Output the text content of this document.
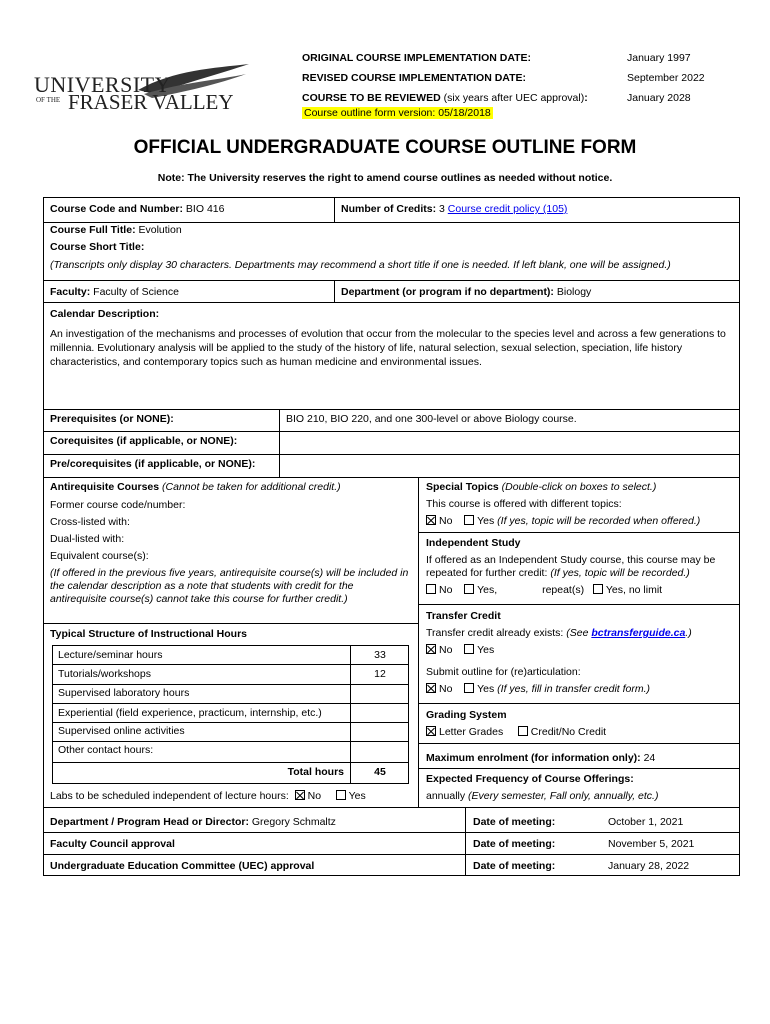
UNIVERSITY
OF THE FRASER VALLEY
ORIGINAL COURSE IMPLEMENTATION DATE:	January 1997
REVISED COURSE IMPLEMENTATION DATE:	September 2022
COURSE TO BE REVIEWED (six years after UEC approval):	January 2028
Course outline form version: 05/18/2018
OFFICIAL UNDERGRADUATE COURSE OUTLINE FORM
Note: The University reserves the right to amend course outlines as needed without notice.
Course Code and Number: BIO 416	Number of Credits: 3 Course credit policy (105)
Course Full Title: Evolution
Course Short Title:
(Transcripts only display 30 characters. Departments may recommend a short title if one is needed. If left blank, one will be assigned.)
Faculty: Faculty of Science	Department (or program if no department): Biology
Calendar Description:
An investigation of the mechanisms and processes of evolution that occur from the molecular to the species level and across a few generations to millennia. Evolutionary analysis will be applied to the study of the history of life, natural selection, sexual selection, speciation, life history characteristics, and contemporary topics such as human medicine and environmental issues.
Prerequisites (or NONE):	BIO 210, BIO 220, and one 300-level or above Biology course.
Corequisites (if applicable, or NONE):
Pre/corequisites (if applicable, or NONE):
Antirequisite Courses (Cannot be taken for additional credit.)
Former course code/number:
Cross-listed with:
Dual-listed with:
Equivalent course(s):
(If offered in the previous five years, antirequisite course(s) will be included in the calendar description as a note that students with credit for the antirequisite course(s) cannot take this course for further credit.)
Typical Structure of Instructional Hours
Lecture/seminar hours	33
Tutorials/workshops	12
Supervised laboratory hours
Experiential (field experience, practicum, internship, etc.)
Supervised online activities
Other contact hours:
Total hours	45
Labs to be scheduled independent of lecture hours: No	Yes
Special Topics (Double-click on boxes to select.)
This course is offered with different topics:
No Yes (If yes, topic will be recorded when offered.)
Independent Study
If offered as an Independent Study course, this course may be repeated for further credit: (If yes, topic will be recorded.)
No Yes,	repeat(s) Yes, no limit
Transfer Credit
Transfer credit already exists: (See bctransferguide.ca.)
No Yes
Submit outline for (re)articulation:
No Yes (If yes, fill in transfer credit form.)
Grading System
Letter Grades	Credit/No Credit
Maximum enrolment (for information only): 24
Expected Frequency of Course Offerings:
annually (Every semester, Fall only, annually, etc.)
Department / Program Head or Director: Gregory Schmaltz	Date of meeting:	October 1, 2021
Faculty Council approval	Date of meeting:	November 5, 2021
Undergraduate Education Committee (UEC) approval	Date of meeting:	January 28, 2022
